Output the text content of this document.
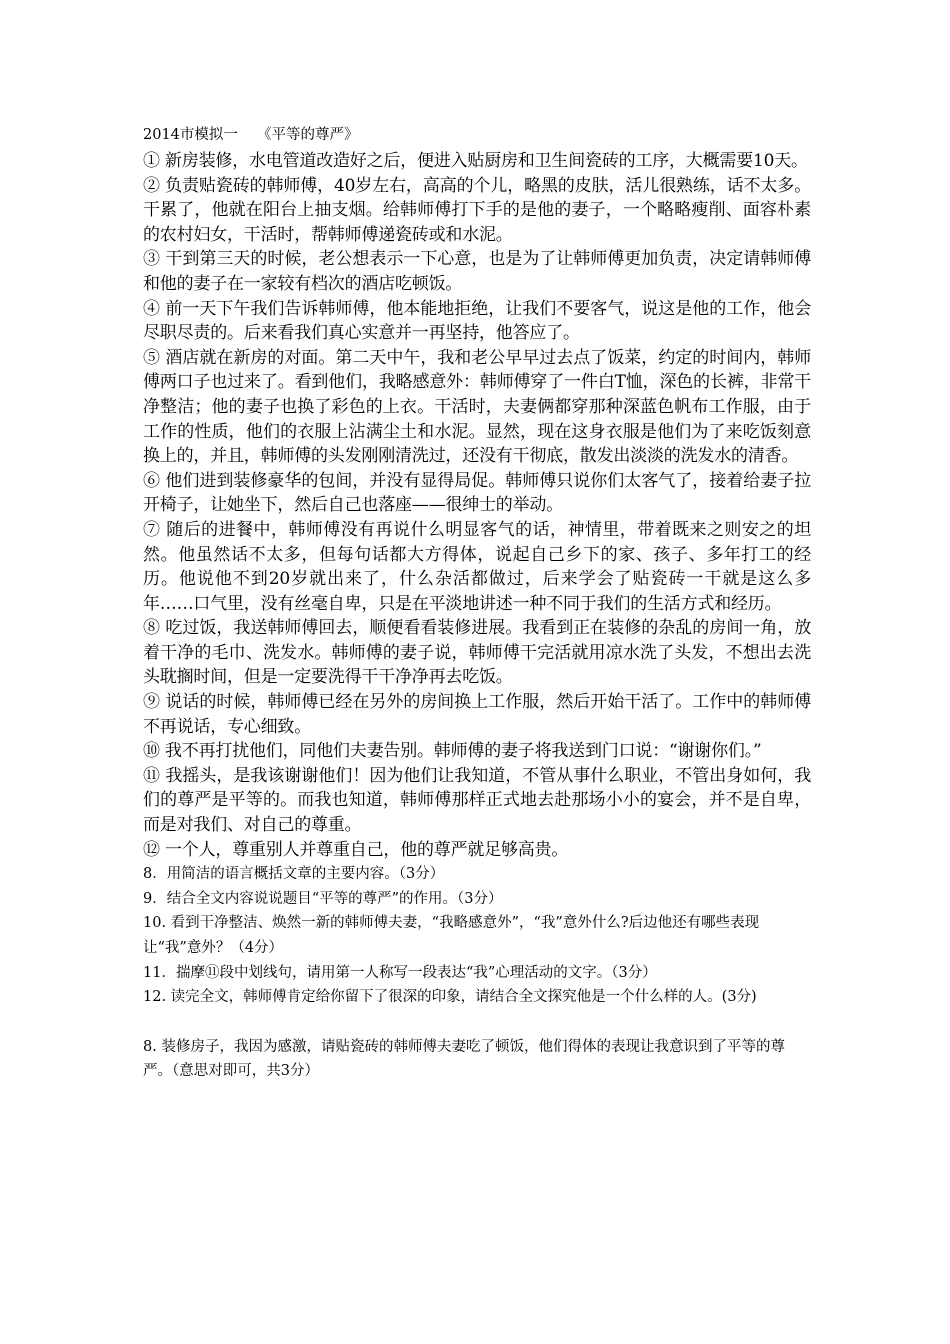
2014市模拟一　 《平等的尊严》

① 新房装修，水电管道改造好之后，便进入贴厨房和卫生间瓷砖的工序，大概需要10天。

② 负责贴瓷砖的韩师傅，40岁左右，高高的个儿，略黑的皮肤，活儿很熟练，话不太多。干累了，他就在阳台上抽支烟。给韩师傅打下手的是他的妻子，一个略略瘦削、面容朴素的农村妇女，干活时，帮韩师傅递瓷砖或和水泥。

③ 干到第三天的时候，老公想表示一下心意，也是为了让韩师傅更加负责，决定请韩师傅和他的妻子在一家较有档次的酒店吃顿饭。

④ 前一天下午我们告诉韩师傅，他本能地拒绝，让我们不要客气，说这是他的工作，他会尽职尽责的。后来看我们真心实意并一再坚持，他答应了。

⑤ 酒店就在新房的对面。第二天中午，我和老公早早过去点了饭菜，约定的时间内，韩师傅两口子也过来了。看到他们，我略感意外：韩师傅穿了一件白T恤，深色的长裤，非常干净整洁；他的妻子也换了彩色的上衣。干活时，夫妻俩都穿那种深蓝色帆布工作服，由于工作的性质，他们的衣服上沾满尘土和水泥。显然，现在这身衣服是他们为了来吃饭刻意换上的，并且，韩师傅的头发刚刚清洗过，还没有干彻底，散发出淡淡的洗发水的清香。

⑥ 他们进到装修豪华的包间，并没有显得局促。韩师傅只说你们太客气了，接着给妻子拉开椅子，让她坐下，然后自己也落座——很绅士的举动。

⑦ 随后的进餐中，韩师傅没有再说什么明显客气的话，神情里，带着既来之则安之的坦然。他虽然话不太多，但每句话都大方得体，说起自己乡下的家、孩子、多年打工的经历。他说他不到20岁就出来了，什么杂活都做过，后来学会了贴瓷砖一干就是这么多年……口气里，没有丝毫自卑，只是在平淡地讲述一种不同于我们的生活方式和经历。

⑧ 吃过饭，我送韩师傅回去，顺便看看装修进展。我看到正在装修的杂乱的房间一角，放着干净的毛巾、洗发水。韩师傅的妻子说，韩师傅干完活就用凉水洗了头发，不想出去洗头耽搁时间，但是一定要洗得干干净净再去吃饭。

⑨ 说话的时候，韩师傅已经在另外的房间换上工作服，然后开始干活了。工作中的韩师傅不再说话，专心细致。

⑩ 我不再打扰他们，同他们夫妻告别。韩师傅的妻子将我送到门口说：“谢谢你们。”

⑪ 我摇头，是我该谢谢他们！因为他们让我知道，不管从事什么职业，不管出身如何，我们的尊严是平等的。而我也知道，韩师傅那样正式地去赴那场小小的宴会，并不是自卑，而是对我们、对自己的尊重。

⑫ 一个人，尊重别人并尊重自己，他的尊严就足够高贵。

8．用简洁的语言概括文章的主要内容。（3分）

9．结合全文内容说说题目“平等的尊严”的作用。（3分）

10. 看到干净整洁、焕然一新的韩师傅夫妻，“我略感意外”，“我”意外什么?后边他还有哪些表现让“我”意外？（4分）

11．揣摩⑪段中划线句，请用第一人称写一段表达“我”心理活动的文字。（3分）

12. 读完全文，韩师傅肯定给你留下了很深的印象，请结合全文探究他是一个什么样的人。(3分)

8. 装修房子，我因为感激，请贴瓷砖的韩师傅夫妻吃了顿饭，他们得体的表现让我意识到了平等的尊严。（意思对即可，共3分）
